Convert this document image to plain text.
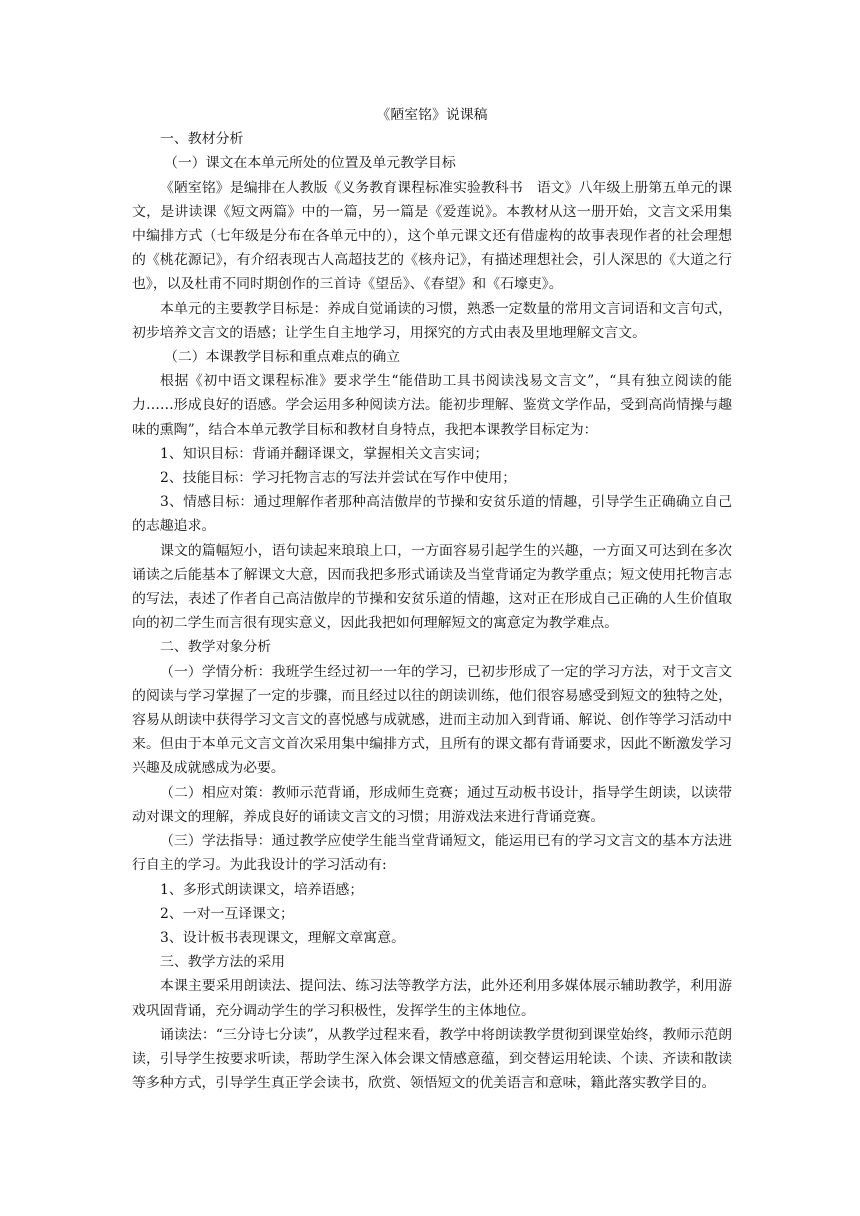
《陋室铭》说课稿

一、教材分析

（一）课文在本单元所处的位置及单元教学目标

《陋室铭》是编排在人教版《义务教育课程标准实验教科书　语文》八年级上册第五单元的课文，是讲读课《短文两篇》中的一篇，另一篇是《爱莲说》。本教材从这一册开始，文言文采用集中编排方式（七年级是分布在各单元中的），这个单元课文还有借虚构的故事表现作者的社会理想的《桃花源记》，有介绍表现古人高超技艺的《核舟记》，有描述理想社会，引人深思的《大道之行也》，以及杜甫不同时期创作的三首诗《望岳》、《春望》和《石壕吏》。

本单元的主要教学目标是：养成自觉诵读的习惯，熟悉一定数量的常用文言词语和文言句式，初步培养文言文的语感；让学生自主地学习，用探究的方式由表及里地理解文言文。

（二）本课教学目标和重点难点的确立

根据《初中语文课程标准》要求学生“能借助工具书阅读浅易文言文”，“具有独立阅读的能力……形成良好的语感。学会运用多种阅读方法。能初步理解、鉴赏文学作品，受到高尚情操与趣味的熏陶”，结合本单元教学目标和教材自身特点，我把本课教学目标定为：

1、知识目标：背诵并翻译课文，掌握相关文言实词；

2、技能目标：学习托物言志的写法并尝试在写作中使用；

3、情感目标：通过理解作者那种高洁傲岸的节操和安贫乐道的情趣，引导学生正确确立自己的志趣追求。

课文的篇幅短小，语句读起来琅琅上口，一方面容易引起学生的兴趣，一方面又可达到在多次诵读之后能基本了解课文大意，因而我把多形式诵读及当堂背诵定为教学重点；短文使用托物言志的写法，表述了作者自己高洁傲岸的节操和安贫乐道的情趣，这对正在形成自己正确的人生价值取向的初二学生而言很有现实意义，因此我把如何理解短文的寓意定为教学难点。

二、教学对象分析

（一）学情分析：我班学生经过初一一年的学习，已初步形成了一定的学习方法，对于文言文的阅读与学习掌握了一定的步骤，而且经过以往的朗读训练，他们很容易感受到短文的独特之处，容易从朗读中获得学习文言文的喜悦感与成就感，进而主动加入到背诵、解说、创作等学习活动中来。但由于本单元文言文首次采用集中编排方式，且所有的课文都有背诵要求，因此不断激发学习兴趣及成就感成为必要。

（二）相应对策：教师示范背诵，形成师生竞赛；通过互动板书设计，指导学生朗读，以读带动对课文的理解，养成良好的诵读文言文的习惯；用游戏法来进行背诵竞赛。

（三）学法指导：通过教学应使学生能当堂背诵短文，能运用已有的学习文言文的基本方法进行自主的学习。为此我设计的学习活动有:

1、多形式朗读课文，培养语感；

2、一对一互译课文；

3、设计板书表现课文，理解文章寓意。

三、教学方法的采用

本课主要采用朗读法、提问法、练习法等教学方法，此外还利用多媒体展示辅助教学，利用游戏巩固背诵，充分调动学生的学习积极性，发挥学生的主体地位。

诵读法：“三分诗七分读”，从教学过程来看，教学中将朗读教学贯彻到课堂始终，教师示范朗读，引导学生按要求听读，帮助学生深入体会课文情感意蕴，到交替运用轮读、个读、齐读和散读等多种方式，引导学生真正学会读书，欣赏、领悟短文的优美语言和意味，籍此落实教学目的。
